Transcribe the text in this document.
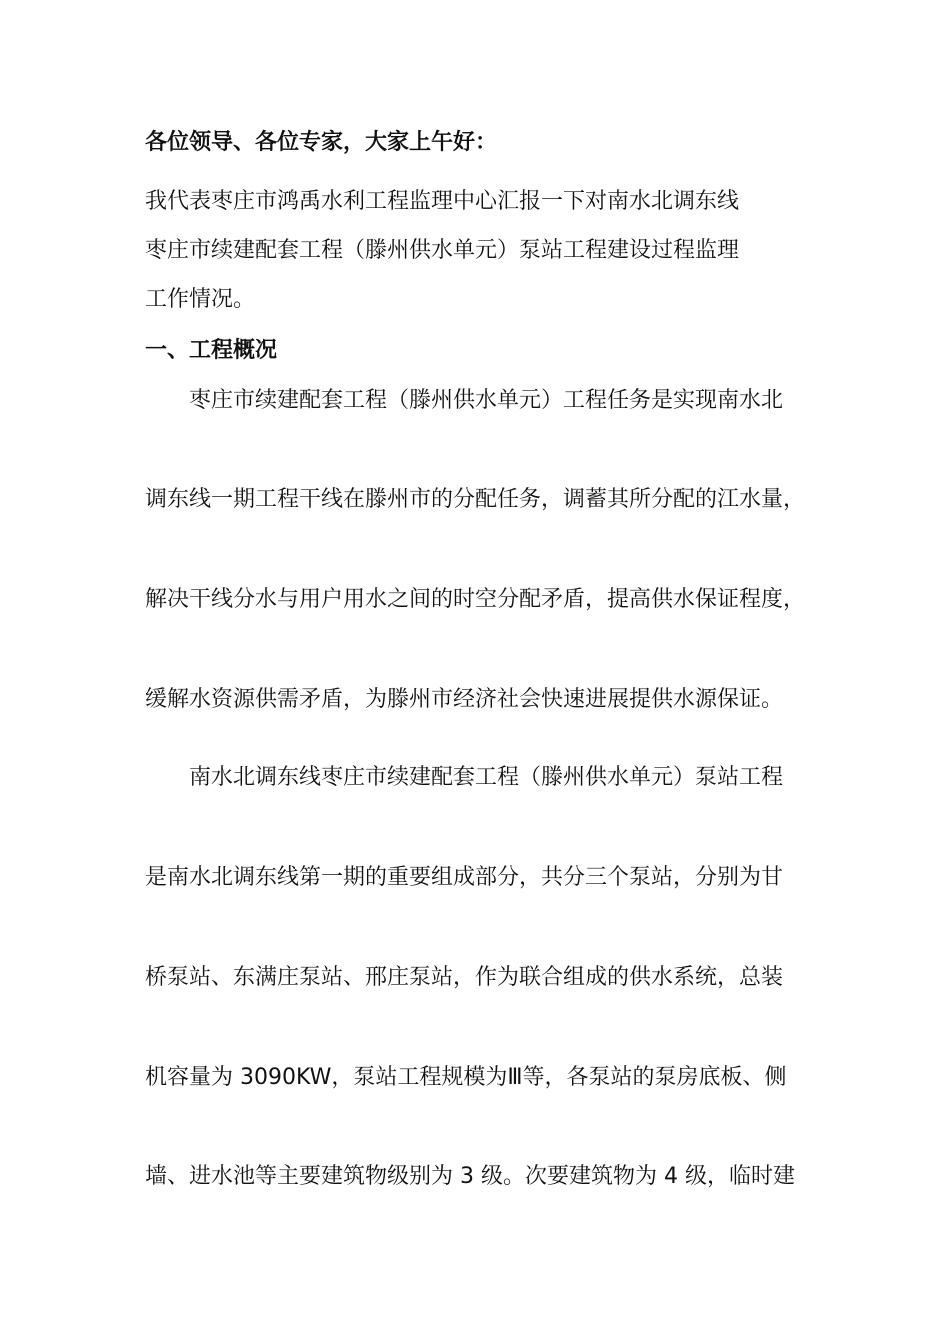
各位领导、各位专家，大家上午好：
我代表枣庄市鸿禹水利工程监理中心汇报一下对南水北调东线
枣庄市续建配套工程（滕州供水单元）泵站工程建设过程监理
工作情况。
一、工程概况
枣庄市续建配套工程（滕州供水单元）工程任务是实现南水北
调东线一期工程干线在滕州市的分配任务，调蓄其所分配的江水量，
解决干线分水与用户用水之间的时空分配矛盾，提高供水保证程度，
缓解水资源供需矛盾，为滕州市经济社会快速进展提供水源保证。
南水北调东线枣庄市续建配套工程（滕州供水单元）泵站工程
是南水北调东线第一期的重要组成部分，共分三个泵站，分别为甘
桥泵站、东满庄泵站、邢庄泵站，作为联合组成的供水系统，总装
机容量为 3090KW，泵站工程规模为Ⅲ等，各泵站的泵房底板、侧
墙、进水池等主要建筑物级别为 3 级。次要建筑物为 4 级，临时建
